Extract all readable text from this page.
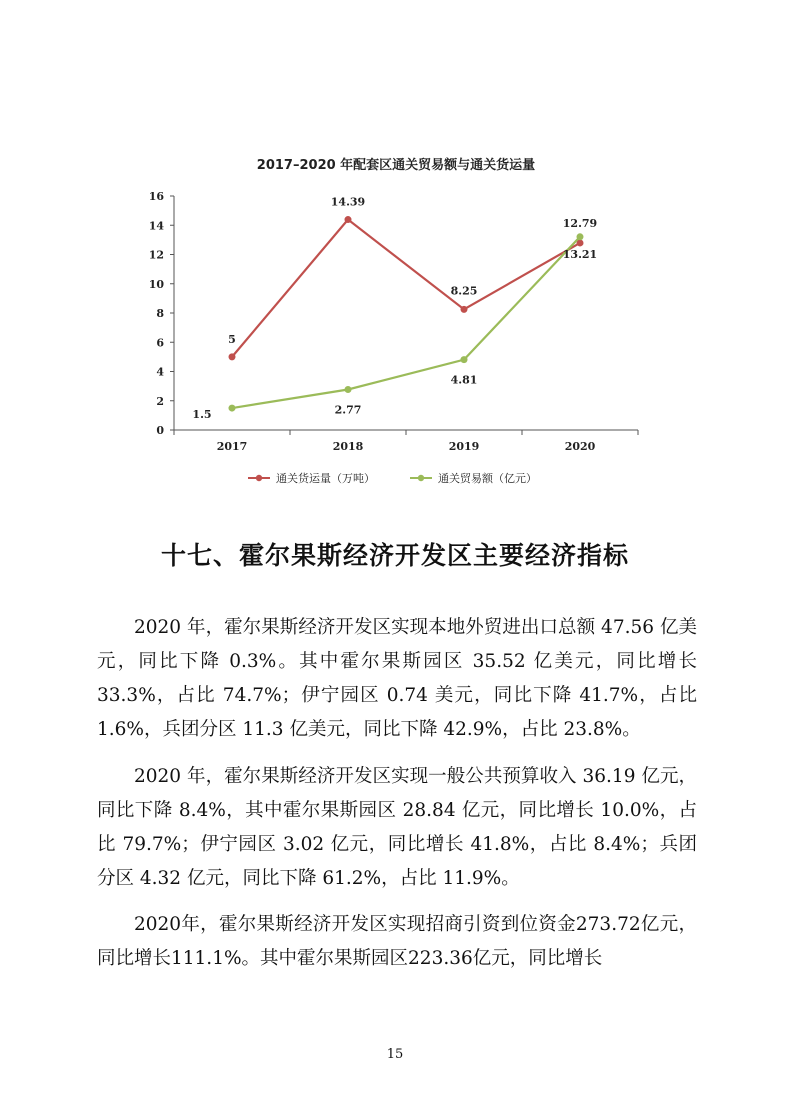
2017–2020 年配套区通关贸易额与通关货运量
0
2
4
6
8
10
12
14
16
2017	2018	2019	2020
5
14.39
8.25
12.79
1.5	2.77
4.81
13.21
通关货运量（万吨）	通关贸易额（亿元）
十七、霍尔果斯经济开发区主要经济指标

2020 年，霍尔果斯经济开发区实现本地外贸进出口总额 47.56 亿美元，同比下降 0.3%。其中霍尔果斯园区 35.52 亿美元，同比增长 33.3%，占比 74.7%；伊宁园区 0.74 美元，同比下降 41.7%，占比 1.6%，兵团分区 11.3 亿美元，同比下降 42.9%，占比 23.8%。

2020 年，霍尔果斯经济开发区实现一般公共预算收入 36.19 亿元，同比下降 8.4%，其中霍尔果斯园区 28.84 亿元，同比增长 10.0%，占比 79.7%；伊宁园区 3.02 亿元，同比增长 41.8%，占比 8.4%；兵团分区 4.32 亿元，同比下降 61.2%，占比 11.9%。

2020年，霍尔果斯经济开发区实现招商引资到位资金273.72亿元，同比增长111.1%。其中霍尔果斯园区223.36亿元，同比增长

15
